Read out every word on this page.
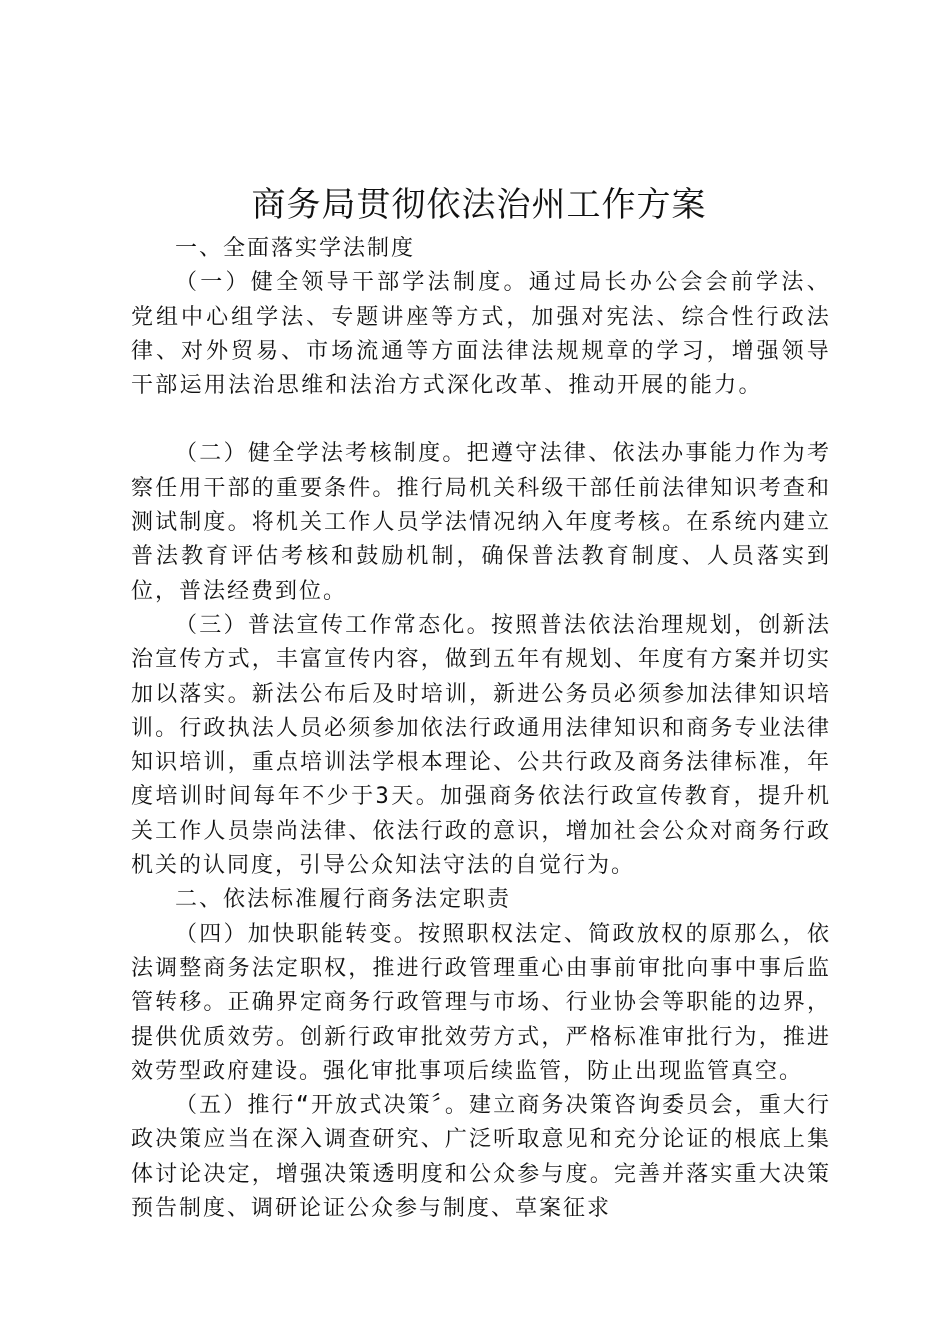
商务局贯彻依法治州工作方案

一、全面落实学法制度

（一）健全领导干部学法制度。通过局长办公会会前学法、党组中心组学法、专题讲座等方式，加强对宪法、综合性行政法律、对外贸易、市场流通等方面法律法规规章的学习，增强领导干部运用法治思维和法治方式深化改革、推动开展的能力。

（二）健全学法考核制度。把遵守法律、依法办事能力作为考察任用干部的重要条件。推行局机关科级干部任前法律知识考查和测试制度。将机关工作人员学法情况纳入年度考核。在系统内建立普法教育评估考核和鼓励机制，确保普法教育制度、人员落实到位，普法经费到位。

（三）普法宣传工作常态化。按照普法依法治理规划，创新法治宣传方式，丰富宣传内容，做到五年有规划、年度有方案并切实加以落实。新法公布后及时培训，新进公务员必须参加法律知识培训。行政执法人员必须参加依法行政通用法律知识和商务专业法律知识培训，重点培训法学根本理论、公共行政及商务法律标准，年度培训时间每年不少于3天。加强商务依法行政宣传教育，提升机关工作人员崇尚法律、依法行政的意识，增加社会公众对商务行政机关的认同度，引导公众知法守法的自觉行为。

二、依法标准履行商务法定职责

（四）加快职能转变。按照职权法定、简政放权的原那么，依法调整商务法定职权，推进行政管理重心由事前审批向事中事后监管转移。正确界定商务行政管理与市场、行业协会等职能的边界，提供优质效劳。创新行政审批效劳方式，严格标准审批行为，推进效劳型政府建设。强化审批事项后续监管，防止出现监管真空。

（五）推行“开放式决策〞。建立商务决策咨询委员会，重大行政决策应当在深入调查研究、广泛听取意见和充分论证的根底上集体讨论决定，增强决策透明度和公众参与度。完善并落实重大决策预告制度、调研论证公众参与制度、草案征求
